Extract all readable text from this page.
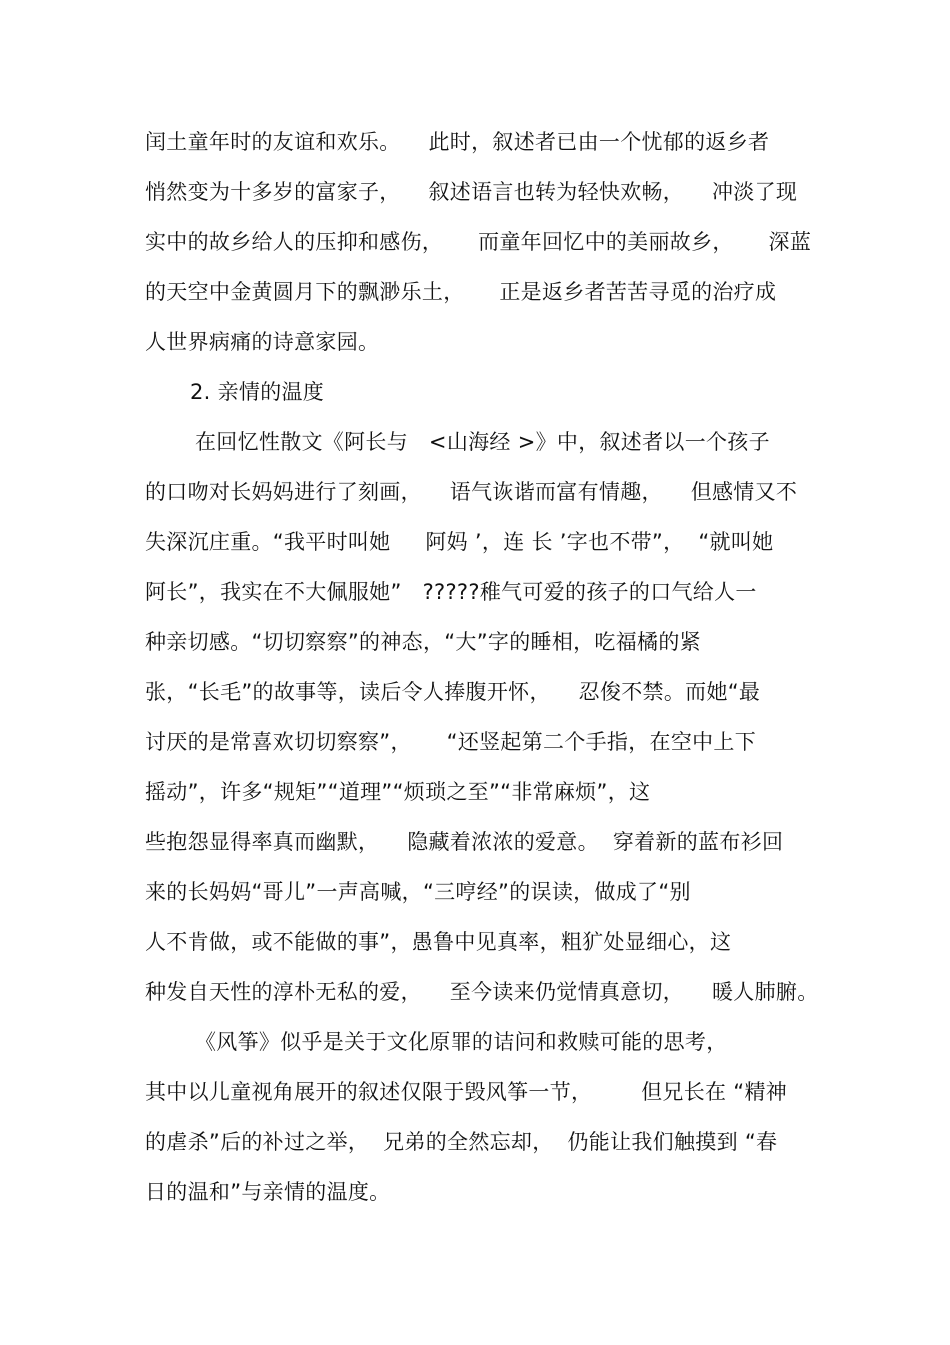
闰土童年时的友谊和欢乐。    此时，叙述者已由一个忧郁的返乡者
悄然变为十多岁的富家子，    叙述语言也转为轻快欢畅，    冲淡了现
实中的故乡给人的压抑和感伤，     而童年回忆中的美丽故乡，     深蓝
的天空中金黄圆月下的飘渺乐土，     正是返乡者苦苦寻觅的治疗成
人世界病痛的诗意家园。
2. 亲情的温度
在回忆性散文《阿长与   <山海经 >》中，叙述者以一个孩子
的口吻对长妈妈进行了刻画，    语气诙谐而富有情趣，    但感情又不
失深沉庄重。“我平时叫她     阿妈 ’，连 长 ’字也不带”，  “就叫她
阿长”，我实在不大佩服她”   ?????稚气可爱的孩子的口气给人一
种亲切感。“切切察察”的神态，“大”字的睡相，吃福橘的紧
张，“长毛”的故事等，读后令人捧腹开怀，    忍俊不禁。而她“最
讨厌的是常喜欢切切察察”，     “还竖起第二个手指，在空中上下
摇动”，许多“规矩”“道理”“烦琐之至”“非常麻烦”，这
些抱怨显得率真而幽默，    隐藏着浓浓的爱意。  穿着新的蓝布衫回
来的长妈妈“哥儿”一声高喊，“三哼经”的误读，做成了“别
人不肯做，或不能做的事”，愚鲁中见真率，粗犷处显细心，这
种发自天性的淳朴无私的爱，    至今读来仍觉情真意切，    暖人肺腑。
《风筝》似乎是关于文化原罪的诘问和救赎可能的思考，
其中以儿童视角展开的叙述仅限于毁风筝一节，       但兄长在 “精神
的虐杀”后的补过之举，  兄弟的全然忘却，  仍能让我们触摸到 “春
日的温和”与亲情的温度。
